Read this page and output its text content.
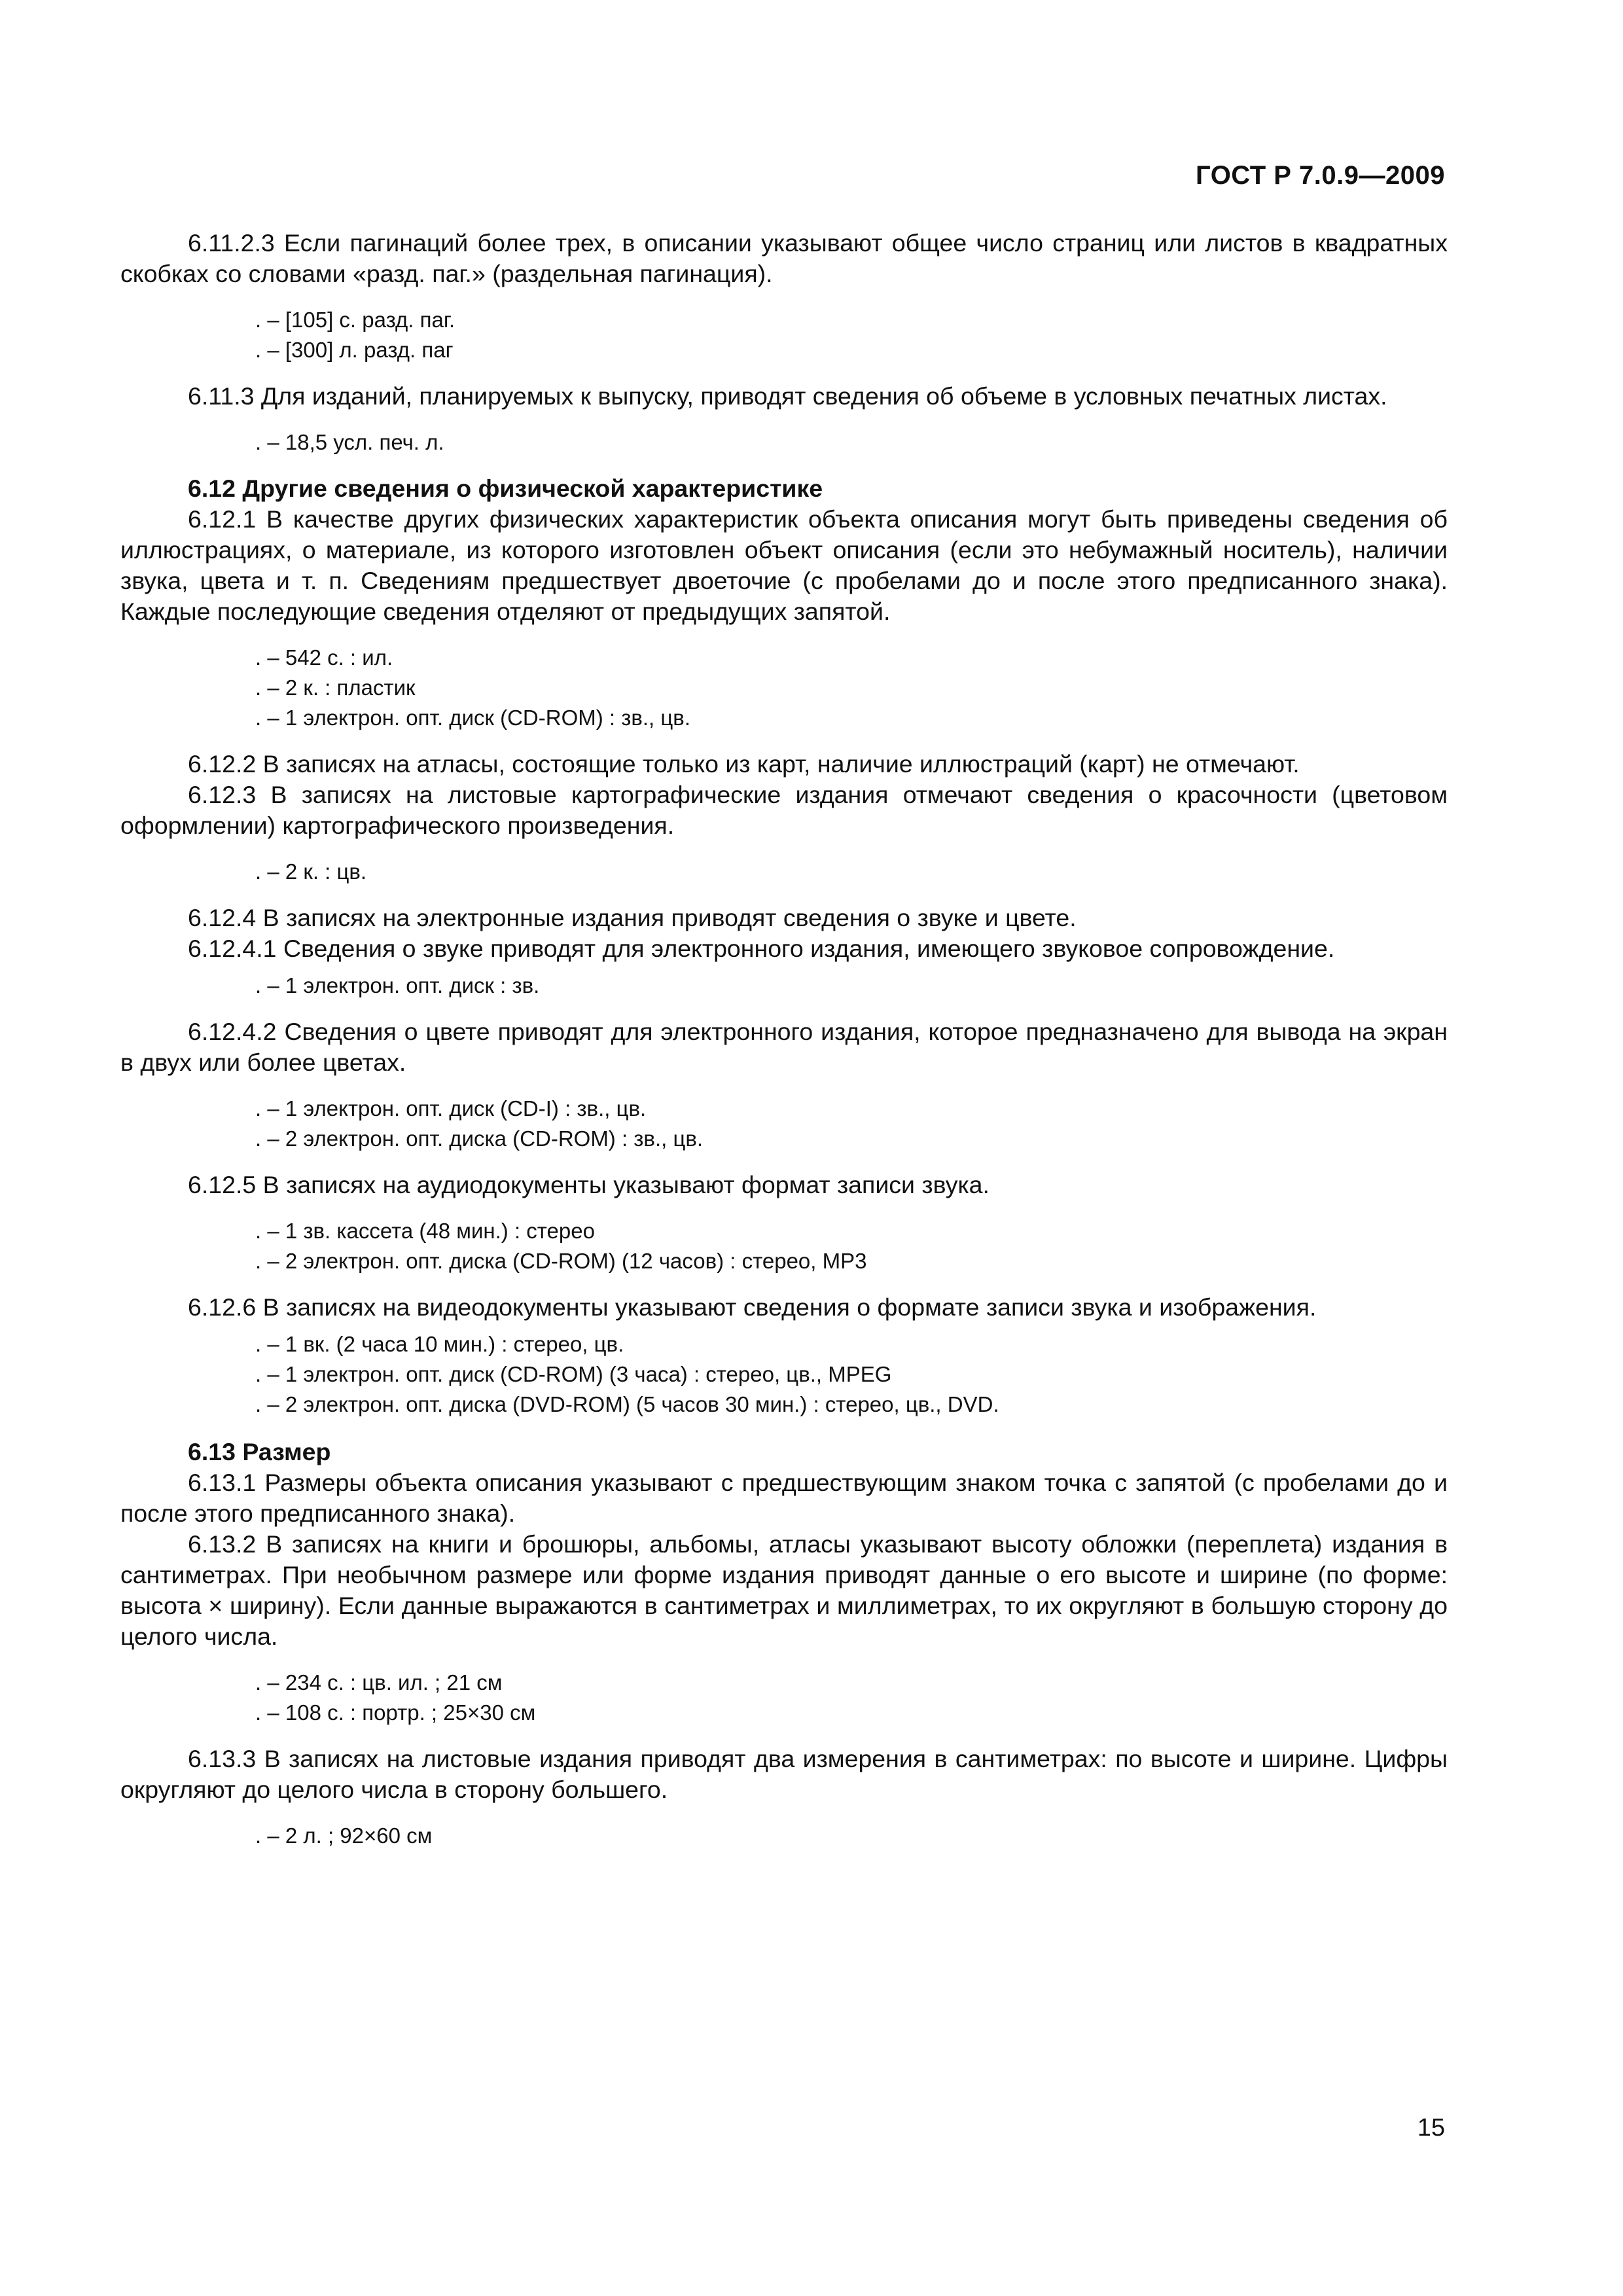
ГОСТ Р 7.0.9—2009

6.11.2.3 Если пагинаций более трех, в описании указывают общее число страниц или листов в квадратных скобках со словами «разд. паг.» (раздельная пагинация).

. – [105] с. разд. паг.

. – [300] л. разд. паг

6.11.3 Для изданий, планируемых к выпуску, приводят сведения об объеме в условных печатных листах.

. – 18,5 усл. печ. л.

6.12 Другие сведения о физической характеристике

6.12.1 В качестве других физических характеристик объекта описания могут быть приведены сведения об иллюстрациях, о материале, из которого изготовлен объект описания (если это небумажный носитель), наличии звука, цвета и т. п. Сведениям предшествует двоеточие (с пробелами до и после этого предписанного знака). Каждые последующие сведения отделяют от предыдущих запятой.

. – 542 с. : ил.

. – 2 к. : пластик

. – 1 электрон. опт. диск (CD-ROM) : зв., цв.

6.12.2 В записях на атласы, состоящие только из карт, наличие иллюстраций (карт) не отмечают.

6.12.3 В записях на листовые картографические издания отмечают сведения о красочности (цветовом оформлении) картографического произведения.

. – 2 к. : цв.

6.12.4 В записях на электронные издания приводят сведения о звуке и цвете.

6.12.4.1 Сведения о звуке приводят для электронного издания, имеющего звуковое сопровождение.

. – 1 электрон. опт. диск : зв.

6.12.4.2 Сведения о цвете приводят для электронного издания, которое предназначено для вывода на экран в двух или более цветах.

. – 1 электрон. опт. диск (CD-I) : зв., цв.

. – 2 электрон. опт. диска (CD-ROM) : зв., цв.

6.12.5 В записях на аудиодокументы указывают формат записи звука.

. – 1 зв. кассета (48 мин.) : стерео

. – 2 электрон. опт. диска (CD-ROM) (12 часов) : стерео, MP3

6.12.6 В записях на видеодокументы указывают сведения о формате записи звука и изображения.

. – 1 вк. (2 часа 10 мин.) : стерео, цв.

. – 1 электрон. опт. диск (CD-ROM) (3 часа) : стерео, цв., MPEG

. – 2 электрон. опт. диска (DVD-ROM) (5 часов 30 мин.) : стерео, цв., DVD.

6.13 Размер

6.13.1 Размеры объекта описания указывают с предшествующим знаком точка с запятой (с пробелами до и после этого предписанного знака).

6.13.2 В записях на книги и брошюры, альбомы, атласы указывают высоту обложки (переплета) издания в сантиметрах. При необычном размере или форме издания приводят данные о его высоте и ширине (по форме: высота × ширину). Если данные выражаются в сантиметрах и миллиметрах, то их округляют в большую сторону до целого числа.

. – 234 с. : цв. ил. ; 21 см

. – 108 с. : портр. ; 25×30 см

6.13.3 В записях на листовые издания приводят два измерения в сантиметрах: по высоте и ширине. Цифры округляют до целого числа в сторону большего.

. – 2 л. ; 92×60 см

15
